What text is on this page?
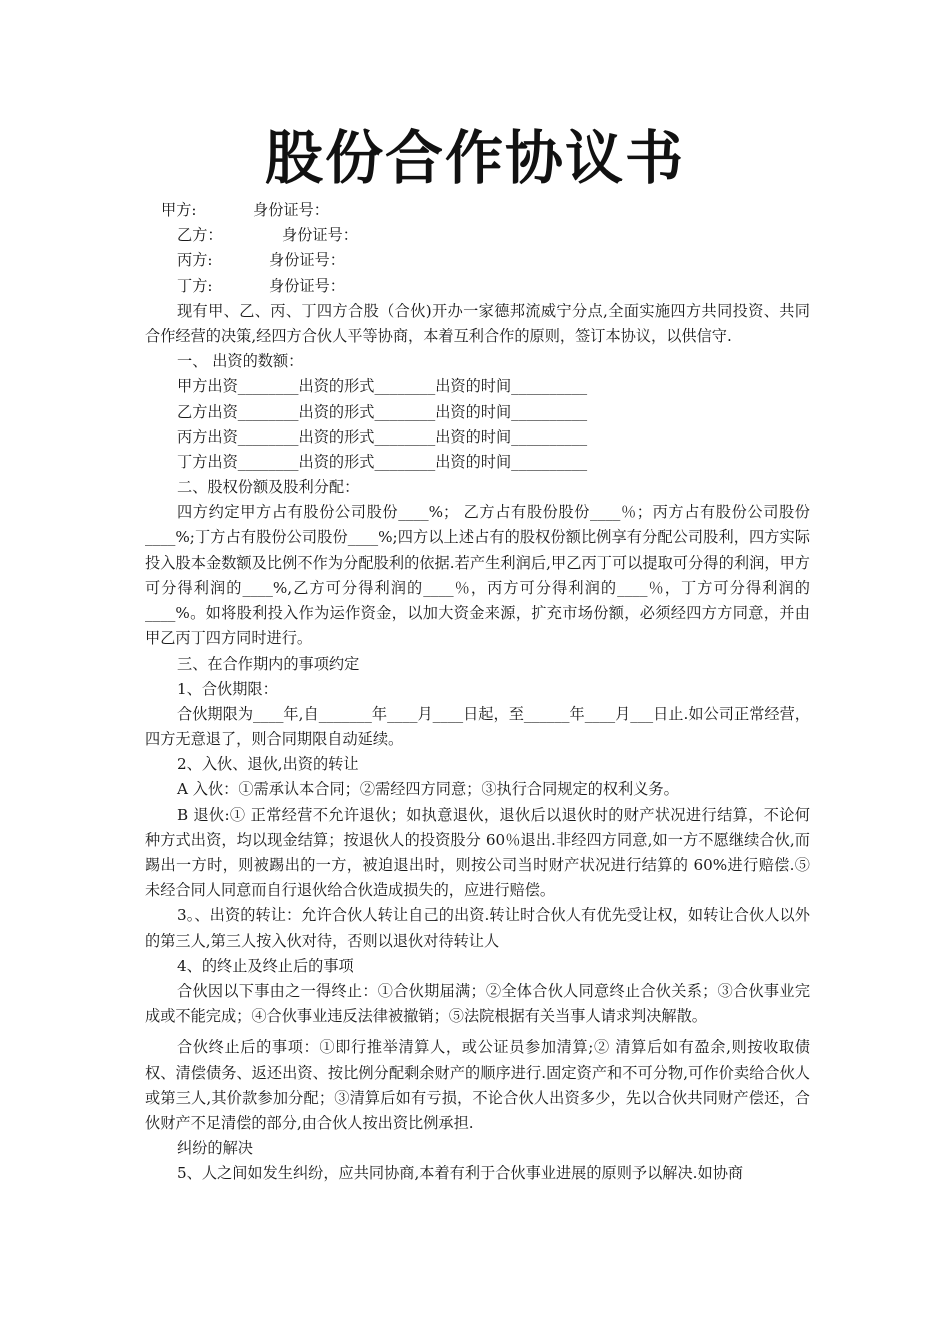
股份合作协议书
甲方:	身份证号：
乙方：	身份证号：
丙方:	身份证号：
丁方:	身份证号：
现有甲、乙、丙、丁四方合股（合伙)开办一家德邦流威宁分点,全面实施四方共同投资、共同合作经营的决策,经四方合伙人平等协商，本着互利合作的原则，签订本协议，以供信守.
一、 出资的数额：
甲方出资________出资的形式________出资的时间__________
乙方出资________出资的形式________出资的时间__________
丙方出资________出资的形式________出资的时间__________
丁方出资________出资的形式________出资的时间__________
二、股权份额及股利分配：
四方约定甲方占有股份公司股份____%； 乙方占有股份股份____％；丙方占有股份公司股份____%;丁方占有股份公司股份____%;四方以上述占有的股权份额比例享有分配公司股利，四方实际投入股本金数额及比例不作为分配股利的依据.若产生利润后,甲乙丙丁可以提取可分得的利润，甲方可分得利润的____%,乙方可分得利润的____％，丙方可分得利润的____％，丁方可分得利润的____%。如将股利投入作为运作资金，以加大资金来源，扩充市场份额，必须经四方方同意，并由甲乙丙丁四方同时进行。
三、在合作期内的事项约定
1、合伙期限：
合伙期限为____年,自_______年____月____日起，至______年____月___日止.如公司正常经营，四方无意退了，则合同期限自动延续。
2、入伙、退伙,出资的转让
A 入伙：①需承认本合同；②需经四方同意；③执行合同规定的权利义务。
B 退伙:① 正常经营不允许退伙；如执意退伙，退伙后以退伙时的财产状况进行结算，不论何种方式出资，均以现金结算；按退伙人的投资股分 60％退出.非经四方同意,如一方不愿继续合伙,而踢出一方时，则被踢出的一方，被迫退出时，则按公司当时财产状况进行结算的 60%进行赔偿.⑤ 未经合同人同意而自行退伙给合伙造成损失的，应进行赔偿。
3。、出资的转让：允许合伙人转让自己的出资.转让时合伙人有优先受让权，如转让合伙人以外的第三人,第三人按入伙对待，否则以退伙对待转让人
4、的终止及终止后的事项
合伙因以下事由之一得终止：①合伙期届满；②全体合伙人同意终止合伙关系；③合伙事业完成或不能完成；④合伙事业违反法律被撤销；⑤法院根据有关当事人请求判决解散。
合伙终止后的事项：①即行推举清算人，或公证员参加清算;② 清算后如有盈余,则按收取债权、清偿债务、返还出资、按比例分配剩余财产的顺序进行.固定资产和不可分物,可作价卖给合伙人或第三人,其价款参加分配；③清算后如有亏损，不论合伙人出资多少，先以合伙共同财产偿还，合伙财产不足清偿的部分,由合伙人按出资比例承担.
纠纷的解决
5、人之间如发生纠纷，应共同协商,本着有利于合伙事业进展的原则予以解决.如协商
